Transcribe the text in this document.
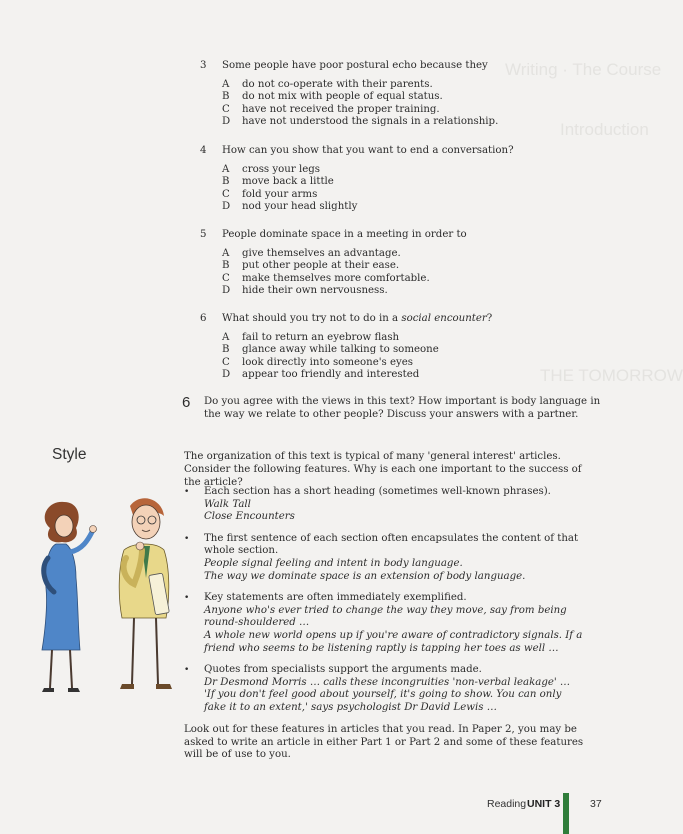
Writing · The Course
Introduction
THE TOMORROW
3	Some people have poor postural echo because they
A	do not co-operate with their parents.
B	do not mix with people of equal status.
C	have not received the proper training.
D	have not understood the signals in a relationship.
4	How can you show that you want to end a conversation?
A	cross your legs
B	move back a little
C	fold your arms
D	nod your head slightly
5	People dominate space in a meeting in order to
A	give themselves an advantage.
B	put other people at their ease.
C	make themselves more comfortable.
D	hide their own nervousness.
6	What should you try not to do in a social encounter?
A	fail to return an eyebrow flash
B	glance away while talking to someone
C	look directly into someone's eyes
D	appear too friendly and interested
6	Do you agree with the views in this text? How important is body language in the way we relate to other people? Discuss your answers with a partner.
Style	The organization of this text is typical of many 'general interest' articles. Consider the following features. Why is each one important to the success of the article?
•	Each section has a short heading (sometimes well-known phrases).
Walk Tall
Close Encounters
•	The first sentence of each section often encapsulates the content of that whole section.
People signal feeling and intent in body language.
The way we dominate space is an extension of body language.
•	Key statements are often immediately exemplified.
Anyone who's ever tried to change the way they move, say from being round-shouldered …
A whole new world opens up if you're aware of contradictory signals. If a friend who seems to be listening raptly is tapping her toes as well …
•	Quotes from specialists support the arguments made.
Dr Desmond Morris … calls these incongruities 'non-verbal leakage' …
'If you don't feel good about yourself, it's going to show. You can only fake it to an extent,' says psychologist Dr David Lewis …
Look out for these features in articles that you read. In Paper 2, you may be asked to write an article in either Part 1 or Part 2 and some of these features will be of use to you.
Reading UNIT 3	37
